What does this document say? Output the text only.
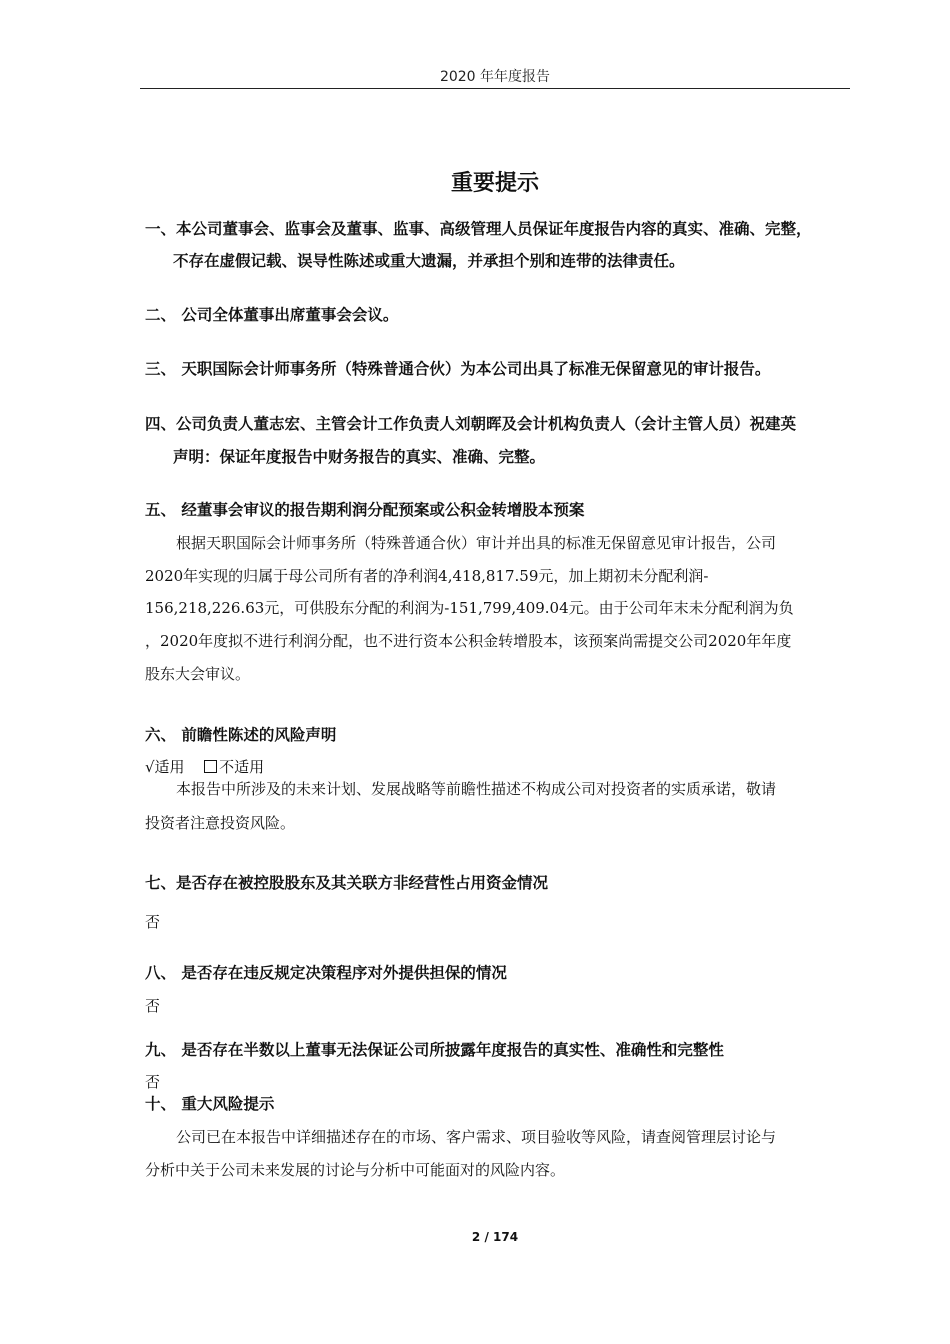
2020 年年度报告
重要提示
一、本公司董事会、监事会及董事、监事、高级管理人员保证年度报告内容的真实、准确、完整，
不存在虚假记载、误导性陈述或重大遗漏，并承担个别和连带的法律责任。
二、 公司全体董事出席董事会会议。
三、 天职国际会计师事务所（特殊普通合伙）为本公司出具了标准无保留意见的审计报告。
四、公司负责人董志宏、主管会计工作负责人刘朝晖及会计机构负责人（会计主管人员）祝建英
声明：保证年度报告中财务报告的真实、准确、完整。
五、 经董事会审议的报告期利润分配预案或公积金转增股本预案
根据天职国际会计师事务所（特殊普通合伙）审计并出具的标准无保留意见审计报告，公司
2020年实现的归属于母公司所有者的净利润4,418,817.59元，加上期初未分配利润-
156,218,226.63元，可供股东分配的利润为-151,799,409.04元。由于公司年末未分配利润为负
，2020年度拟不进行利润分配，也不进行资本公积金转增股本，该预案尚需提交公司2020年年度
股东大会审议。
六、 前瞻性陈述的风险声明
√适用 不适用
本报告中所涉及的未来计划、发展战略等前瞻性描述不构成公司对投资者的实质承诺，敬请
投资者注意投资风险。
七、是否存在被控股股东及其关联方非经营性占用资金情况
否
八、 是否存在违反规定决策程序对外提供担保的情况
否
九、 是否存在半数以上董事无法保证公司所披露年度报告的真实性、准确性和完整性
否
十、 重大风险提示
公司已在本报告中详细描述存在的市场、客户需求、项目验收等风险，请查阅管理层讨论与
分析中关于公司未来发展的讨论与分析中可能面对的风险内容。
2 / 174
